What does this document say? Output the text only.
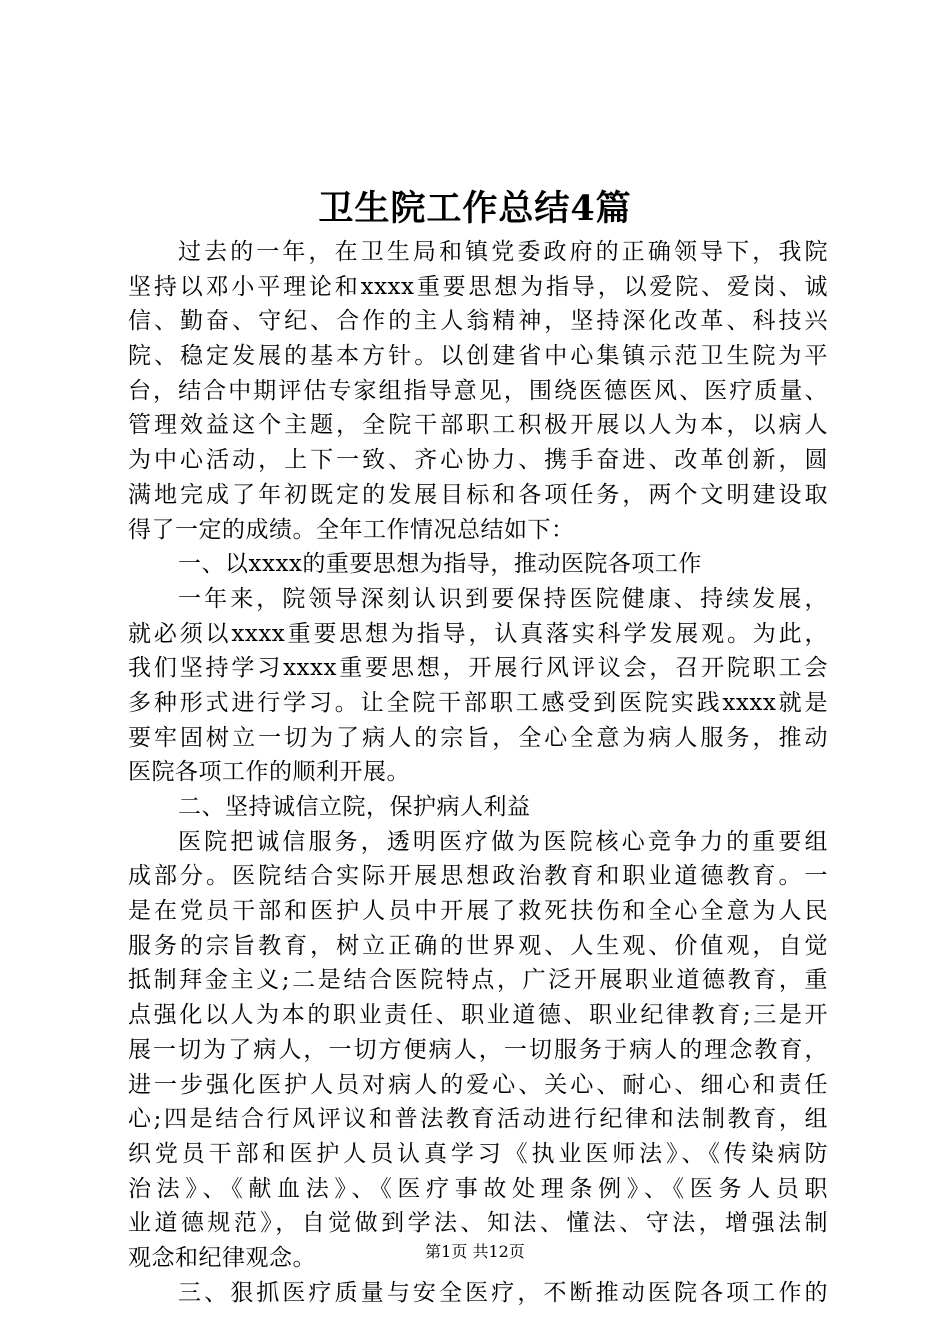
卫生院工作总结4篇
过去的一年，在卫生局和镇党委政府的正确领导下，我院
坚持以邓小平理论和xxxx重要思想为指导，以爱院、爱岗、诚
信、勤奋、守纪、合作的主人翁精神，坚持深化改革、科技兴
院、稳定发展的基本方针。以创建省中心集镇示范卫生院为平
台，结合中期评估专家组指导意见，围绕医德医风、医疗质量、
管理效益这个主题，全院干部职工积极开展以人为本，以病人
为中心活动，上下一致、齐心协力、携手奋进、改革创新，圆
满地完成了年初既定的发展目标和各项任务，两个文明建设取
得了一定的成绩。全年工作情况总结如下：
一、以xxxx的重要思想为指导，推动医院各项工作
一年来，院领导深刻认识到要保持医院健康、持续发展，
就必须以xxxx重要思想为指导，认真落实科学发展观。为此，
我们坚持学习xxxx重要思想，开展行风评议会，召开院职工会
多种形式进行学习。让全院干部职工感受到医院实践xxxx就是
要牢固树立一切为了病人的宗旨，全心全意为病人服务，推动
医院各项工作的顺利开展。
二、坚持诚信立院，保护病人利益
医院把诚信服务，透明医疗做为医院核心竞争力的重要组
成部分。医院结合实际开展思想政治教育和职业道德教育。一
是在党员干部和医护人员中开展了救死扶伤和全心全意为人民
服务的宗旨教育，树立正确的世界观、人生观、价值观，自觉
抵制拜金主义;二是结合医院特点，广泛开展职业道德教育，重
点强化以人为本的职业责任、职业道德、职业纪律教育;三是开
展一切为了病人，一切方便病人，一切服务于病人的理念教育，
进一步强化医护人员对病人的爱心、关心、耐心、细心和责任
心;四是结合行风评议和普法教育活动进行纪律和法制教育，组
织党员干部和医护人员认真学习《执业医师法》、《传染病防
治法》、《献血法》、《医疗事故处理条例》、《医务人员职
业道德规范》，自觉做到学法、知法、懂法、守法，增强法制
观念和纪律观念。
三、狠抓医疗质量与安全医疗，不断推动医院各项工作的
第1页 共12页
